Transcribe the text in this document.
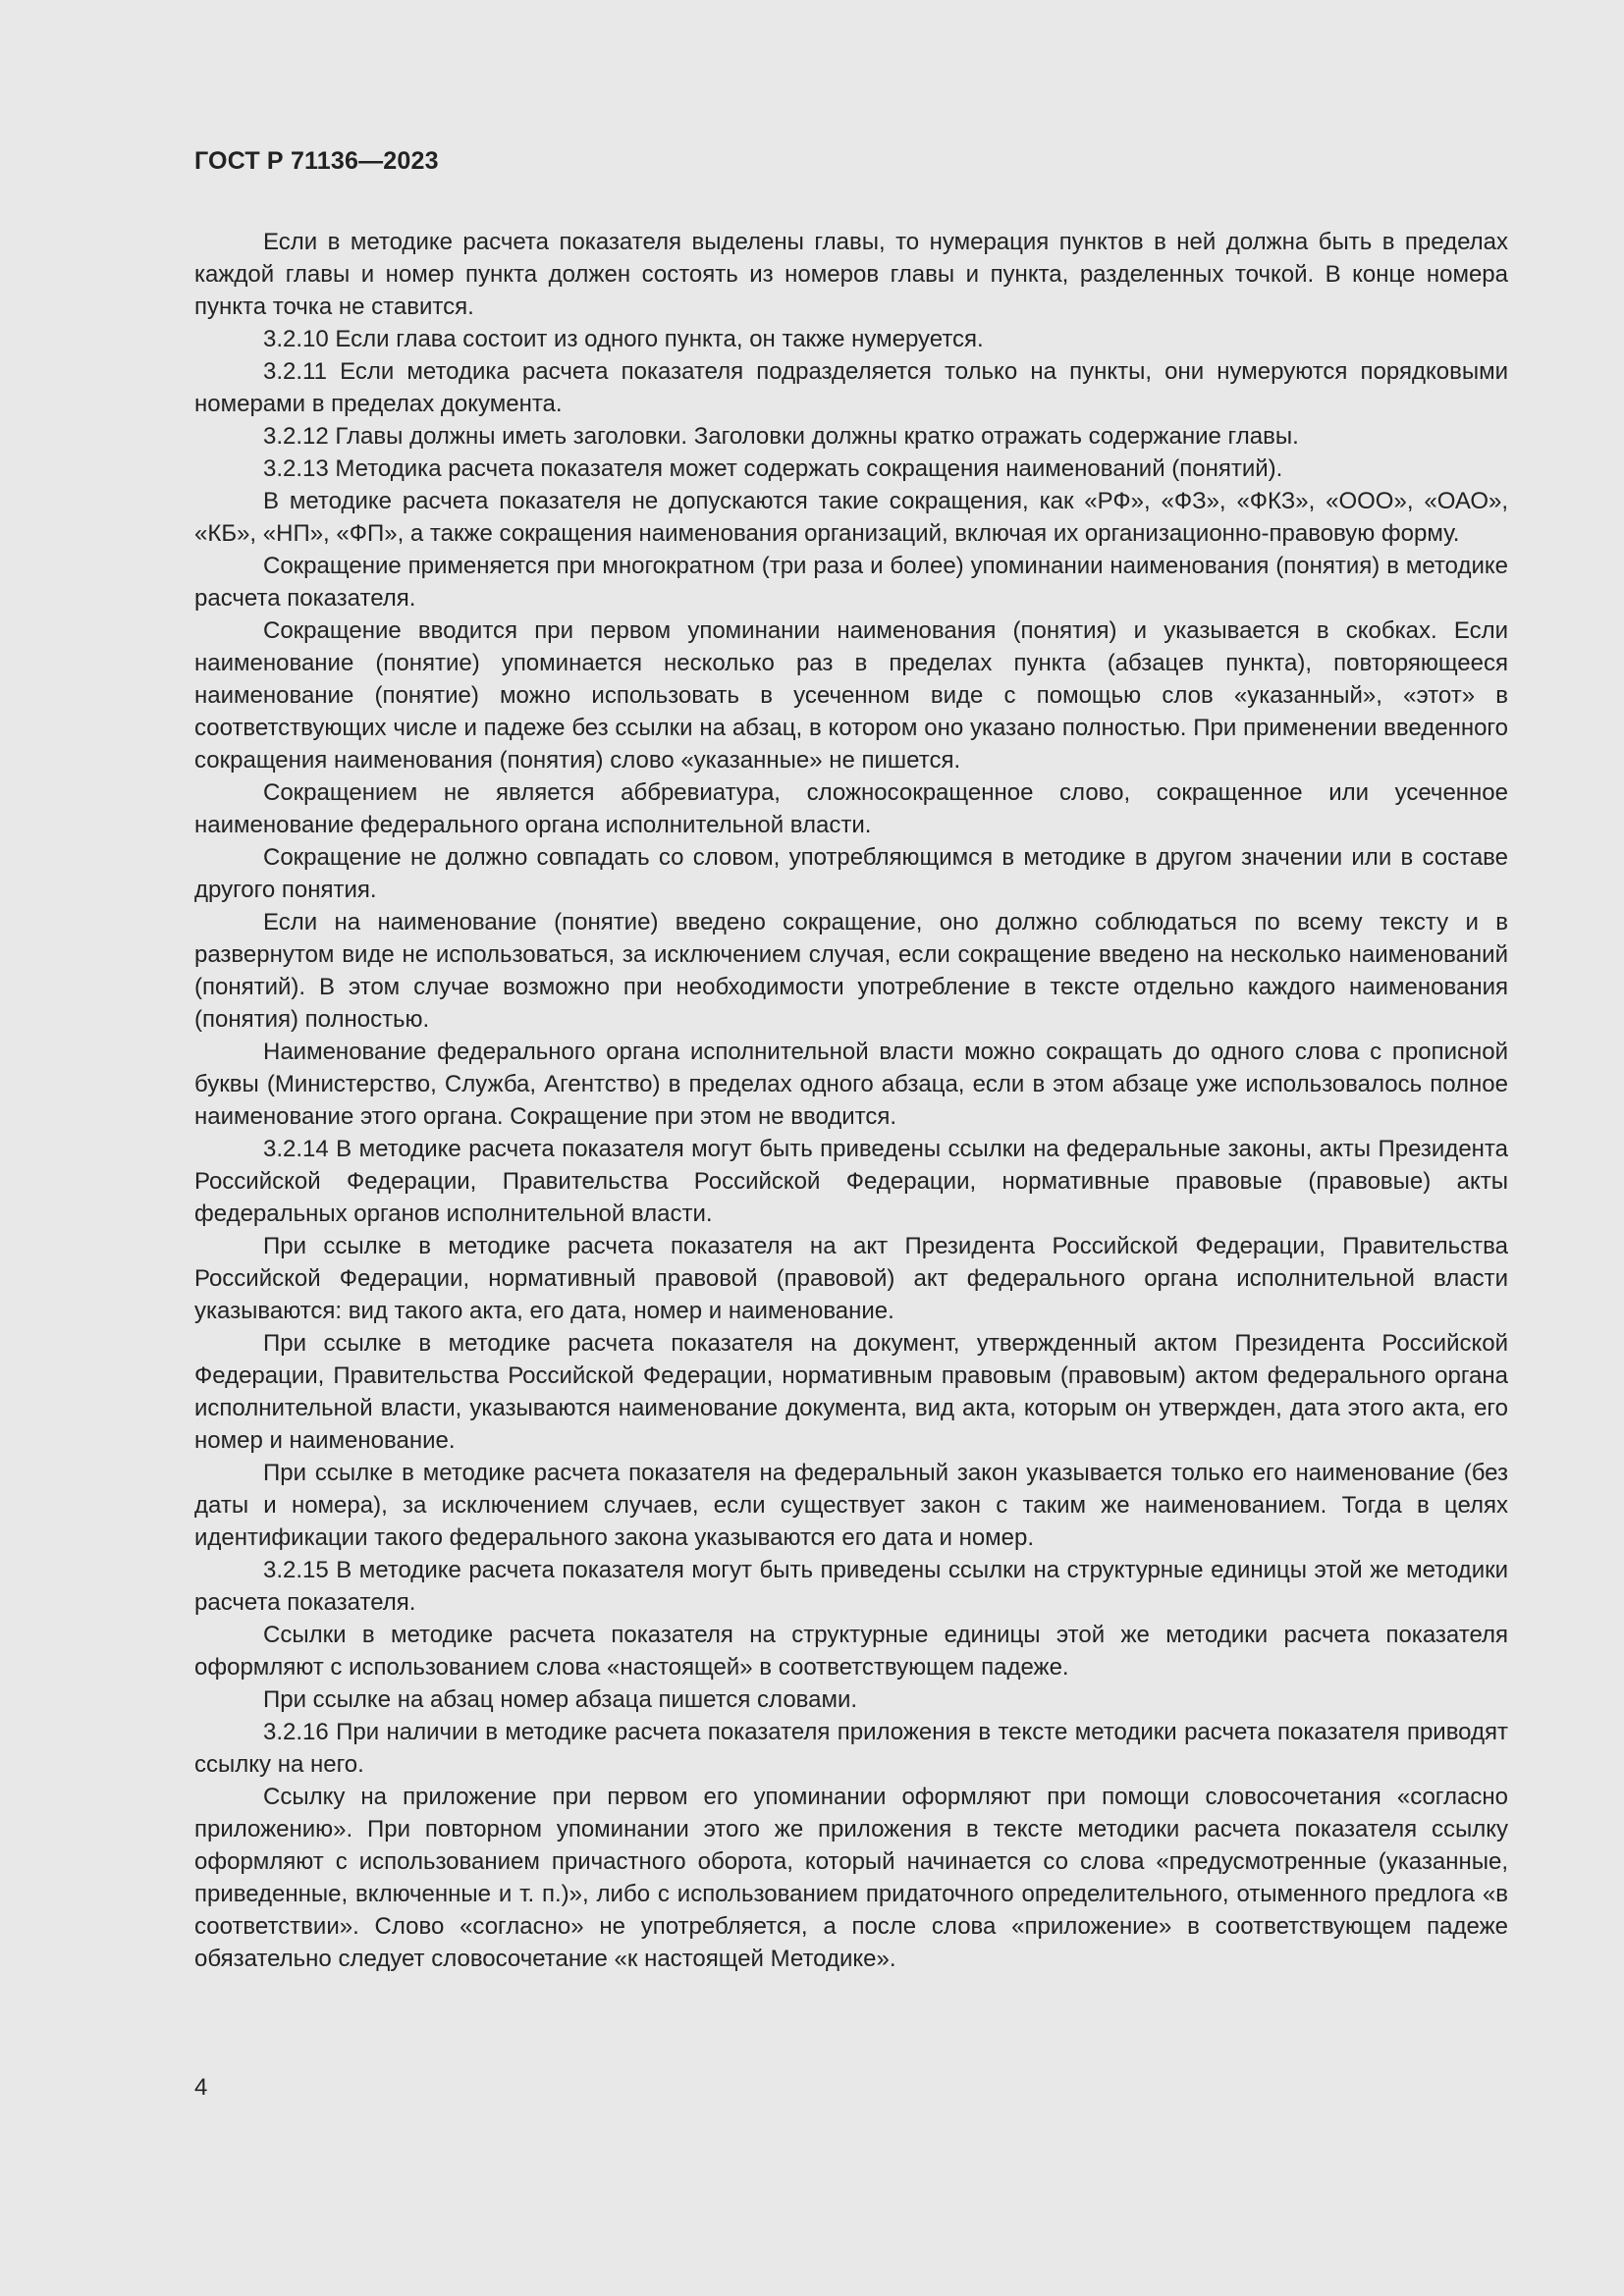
ГОСТ Р 71136—2023

Если в методике расчета показателя выделены главы, то нумерация пунктов в ней должна быть в пределах каждой главы и номер пункта должен состоять из номеров главы и пункта, разделенных точкой. В конце номера пункта точка не ставится.

3.2.10 Если глава состоит из одного пункта, он также нумеруется.

3.2.11 Если методика расчета показателя подразделяется только на пункты, они нумеруются порядковыми номерами в пределах документа.

3.2.12 Главы должны иметь заголовки. Заголовки должны кратко отражать содержание главы.

3.2.13 Методика расчета показателя может содержать сокращения наименований (понятий).

В методике расчета показателя не допускаются такие сокращения, как «РФ», «ФЗ», «ФКЗ», «ООО», «ОАО», «КБ», «НП», «ФП», а также сокращения наименования организаций, включая их организационно-правовую форму.

Сокращение применяется при многократном (три раза и более) упоминании наименования (понятия) в методике расчета показателя.

Сокращение вводится при первом упоминании наименования (понятия) и указывается в скобках. Если наименование (понятие) упоминается несколько раз в пределах пункта (абзацев пункта), повторяющееся наименование (понятие) можно использовать в усеченном виде с помощью слов «указанный», «этот» в соответствующих числе и падеже без ссылки на абзац, в котором оно указано полностью. При применении введенного сокращения наименования (понятия) слово «указанные» не пишется.

Сокращением не является аббревиатура, сложносокращенное слово, сокращенное или усеченное наименование федерального органа исполнительной власти.

Сокращение не должно совпадать со словом, употребляющимся в методике в другом значении или в составе другого понятия.

Если на наименование (понятие) введено сокращение, оно должно соблюдаться по всему тексту и в развернутом виде не использоваться, за исключением случая, если сокращение введено на несколько наименований (понятий). В этом случае возможно при необходимости употребление в тексте отдельно каждого наименования (понятия) полностью.

Наименование федерального органа исполнительной власти можно сокращать до одного слова с прописной буквы (Министерство, Служба, Агентство) в пределах одного абзаца, если в этом абзаце уже использовалось полное наименование этого органа. Сокращение при этом не вводится.

3.2.14 В методике расчета показателя могут быть приведены ссылки на федеральные законы, акты Президента Российской Федерации, Правительства Российской Федерации, нормативные правовые (правовые) акты федеральных органов исполнительной власти.

При ссылке в методике расчета показателя на акт Президента Российской Федерации, Правительства Российской Федерации, нормативный правовой (правовой) акт федерального органа исполнительной власти указываются: вид такого акта, его дата, номер и наименование.

При ссылке в методике расчета показателя на документ, утвержденный актом Президента Российской Федерации, Правительства Российской Федерации, нормативным правовым (правовым) актом федерального органа исполнительной власти, указываются наименование документа, вид акта, которым он утвержден, дата этого акта, его номер и наименование.

При ссылке в методике расчета показателя на федеральный закон указывается только его наименование (без даты и номера), за исключением случаев, если существует закон с таким же наименованием. Тогда в целях идентификации такого федерального закона указываются его дата и номер.

3.2.15 В методике расчета показателя могут быть приведены ссылки на структурные единицы этой же методики расчета показателя.

Ссылки в методике расчета показателя на структурные единицы этой же методики расчета показателя оформляют с использованием слова «настоящей» в соответствующем падеже.

При ссылке на абзац номер абзаца пишется словами.

3.2.16 При наличии в методике расчета показателя приложения в тексте методики расчета показателя приводят ссылку на него.

Ссылку на приложение при первом его упоминании оформляют при помощи словосочетания «согласно приложению». При повторном упоминании этого же приложения в тексте методики расчета показателя ссылку оформляют с использованием причастного оборота, который начинается со слова «предусмотренные (указанные, приведенные, включенные и т. п.)», либо с использованием придаточного определительного, отыменного предлога «в соответствии». Слово «согласно» не употребляется, а после слова «приложение» в соответствующем падеже обязательно следует словосочетание «к настоящей Методике».

4
